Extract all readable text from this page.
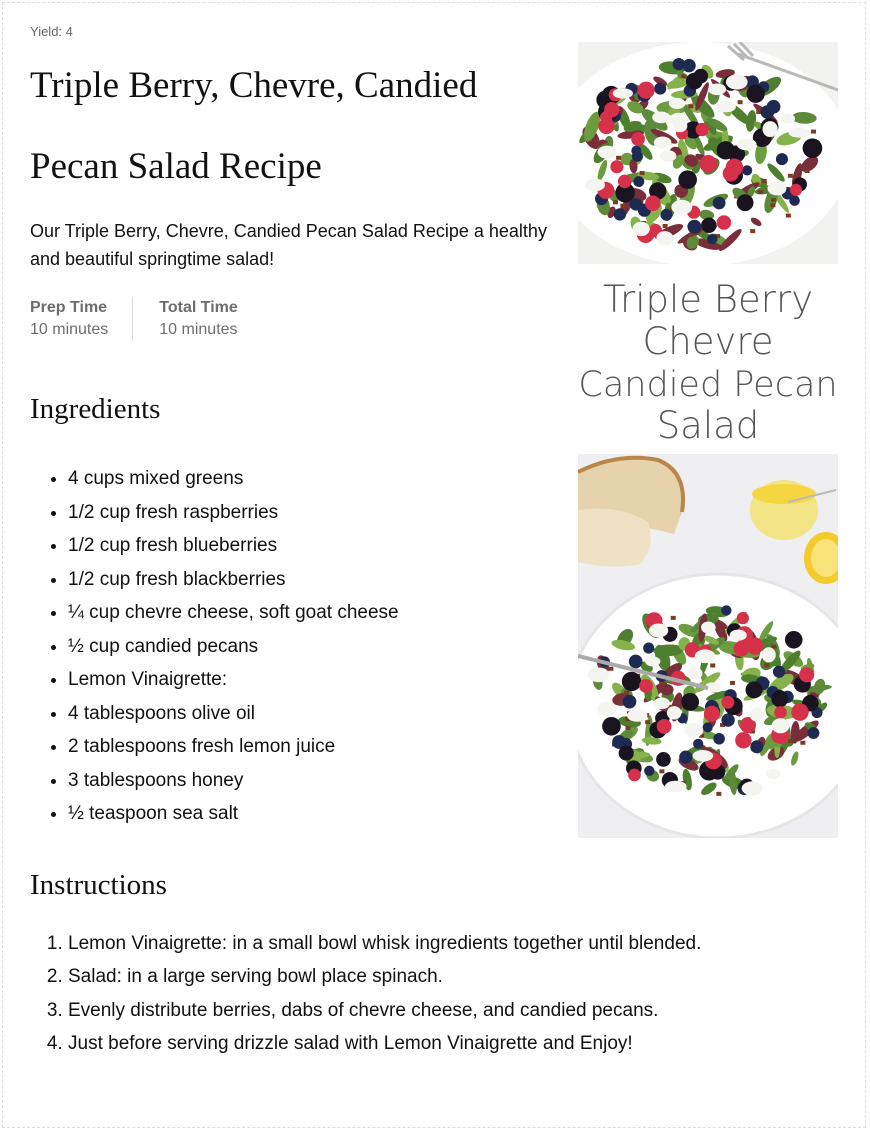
Yield: 4
Triple Berry, Chevre, Candied Pecan Salad Recipe

Our Triple Berry, Chevre, Candied Pecan Salad Recipe a healthy and beautiful springtime salad!

Prep Time
10 minutes
Total Time
10 minutes
Ingredients
• 4 cups mixed greens
• 1/2 cup fresh raspberries
• 1/2 cup fresh blueberries
• 1/2 cup fresh blackberries
• ¼ cup chevre cheese, soft goat cheese
• ½ cup candied pecans
• Lemon Vinaigrette:
• 4 tablespoons olive oil
• 2 tablespoons fresh lemon juice
• 3 tablespoons honey
• ½ teaspoon sea salt
Instructions
1. Lemon Vinaigrette: in a small bowl whisk ingredients together until blended.
2. Salad: in a large serving bowl place spinach.
3. Evenly distribute berries, dabs of chevre cheese, and candied pecans.
4. Just before serving drizzle salad with Lemon Vinaigrette and Enjoy!
Triple Berry
Chevre
Candied Pecan
Salad
